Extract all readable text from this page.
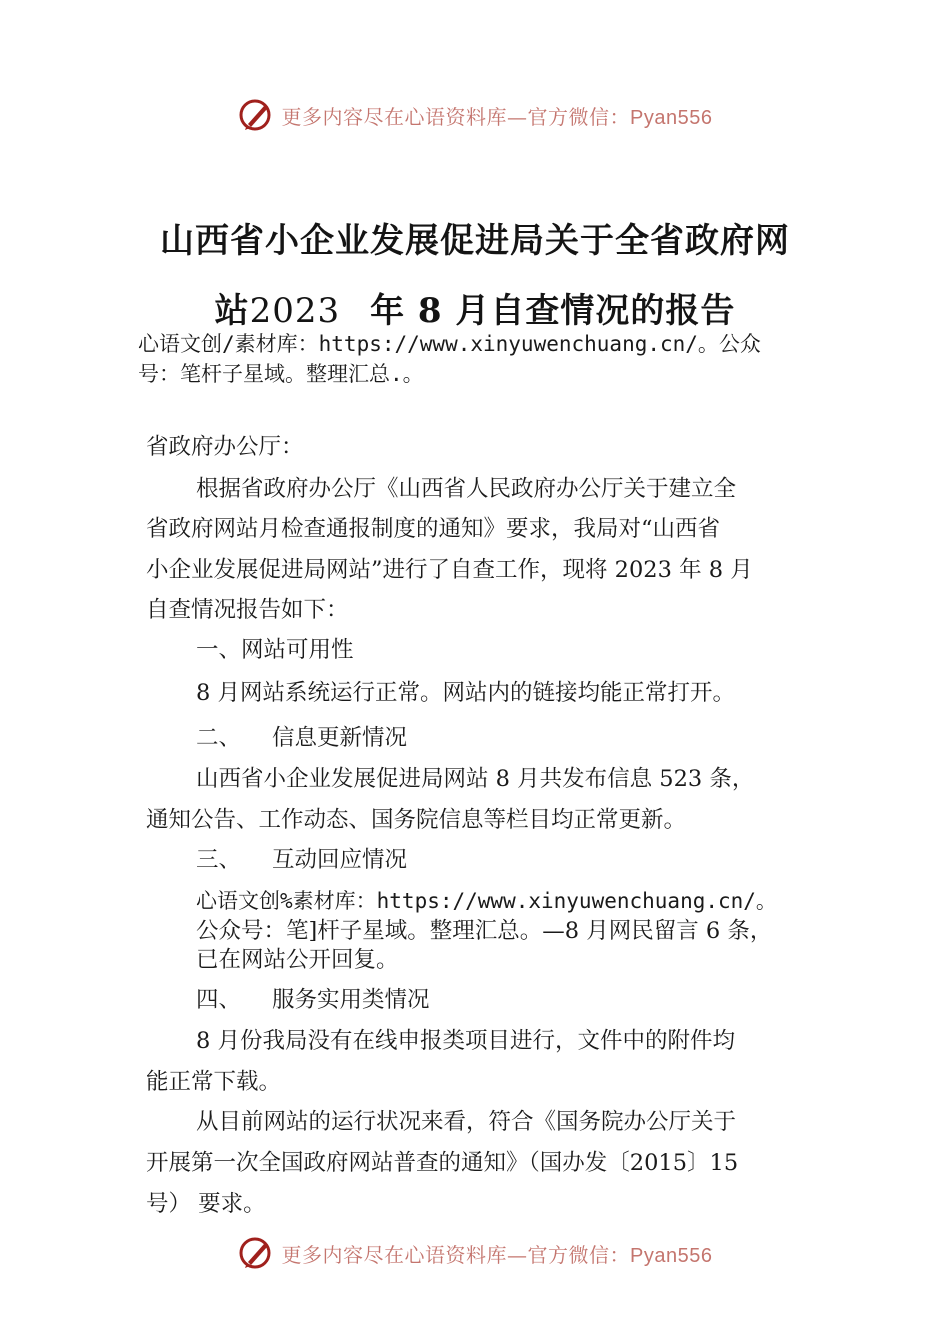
更多内容尽在心语资料库—官方微信：Pyan556
山西省小企业发展促进局关于全省政府网
站2023 年 8 月自查情况的报告
心语文创/素材库：https://www.xinyuwenchuang.cn/。公众
号：笔杆子星域。整理汇总.。
省政府办公厅：
根据省政府办公厅《山西省人民政府办公厅关于建立全
省政府网站月检查通报制度的通知》要求，我局对“山西省
小企业发展促进局网站”进行了自查工作，现将 2023 年 8 月
自查情况报告如下：
一、网站可用性
8 月网站系统运行正常。网站内的链接均能正常打开。
二、 信息更新情况
山西省小企业发展促进局网站 8 月共发布信息 523 条，
通知公告、工作动态、国务院信息等栏目均正常更新。
三、 互动回应情况
心语文创%素材库：https://www.xinyuwenchuang.cn/。
公众号：笔]杆子星域。整理汇总。—8 月网民留言 6 条，
已在网站公开回复。
四、 服务实用类情况
8 月份我局没有在线申报类项目进行，文件中的附件均
能正常下载。
从目前网站的运行状况来看，符合《国务院办公厅关于
开展第一次全国政府网站普查的通知》（国办发〔2015〕15
号） 要求。
更多内容尽在心语资料库—官方微信：Pyan556
